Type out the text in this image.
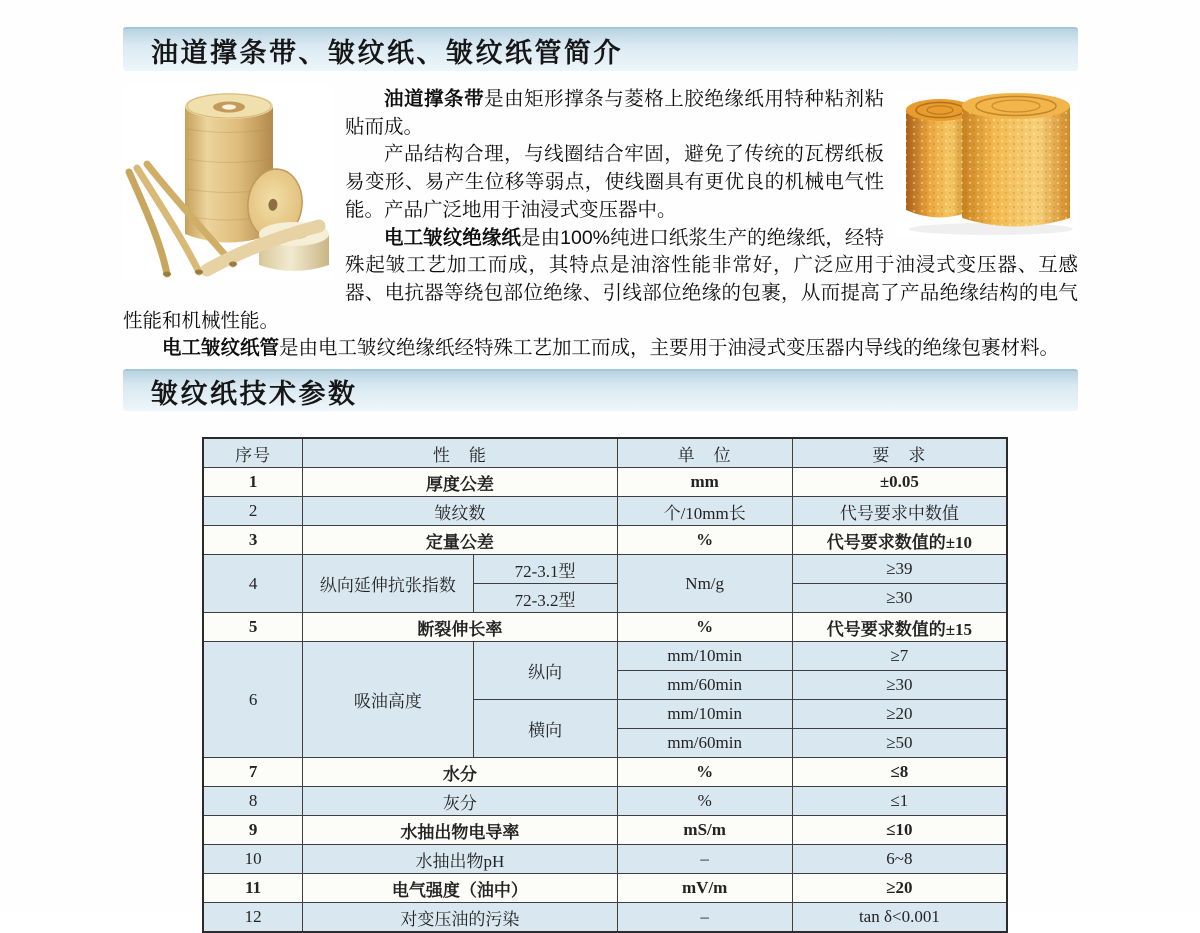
油道撑条带、皱纹纸、皱纹纸管简介

油道撑条带是由矩形撑条与菱格上胶绝缘纸用特种粘剂粘贴而成。

产品结构合理，与线圈结合牢固，避免了传统的瓦楞纸板易变形、易产生位移等弱点，使线圈具有更优良的机械电气性能。产品广泛地用于油浸式变压器中。

电工皱纹绝缘纸是由100%纯进口纸浆生产的绝缘纸，经特殊起皱工艺加工而成，其特点是油溶性能非常好，广泛应用于油浸式变压器、互感器、电抗器等绕包部位绝缘、引线部位绝缘的包裹，从而提高了产品绝缘结构的电气性能和机械性能。

电工皱纹纸管是由电工皱纹绝缘纸经特殊工艺加工而成，主要用于油浸式变压器内导线的绝缘包裹材料。

皱纹纸技术参数
序号	性　能		单　位	要　求
1	厚度公差		mm	±0.05
2	皱纹数		个/10mm长	代号要求中数值
3	定量公差		%	代号要求数值的±10
4	纵向延伸抗张指数	72-3.1型	Nm/g	≥39
		72-3.2型		≥30
5	断裂伸长率		%	代号要求数值的±15
6	吸油高度	纵向	mm/10min	≥7
			mm/60min	≥30
		横向	mm/10min	≥20
			mm/60min	≥50
7	水分		%	≤8
8	灰分		%	≤1
9	水抽出物电导率		mS/m	≤10
10	水抽出物pH		–	6~8
11	电气强度（油中）		mV/m	≥20
12	对变压油的污染		–	tan δ<0.001
